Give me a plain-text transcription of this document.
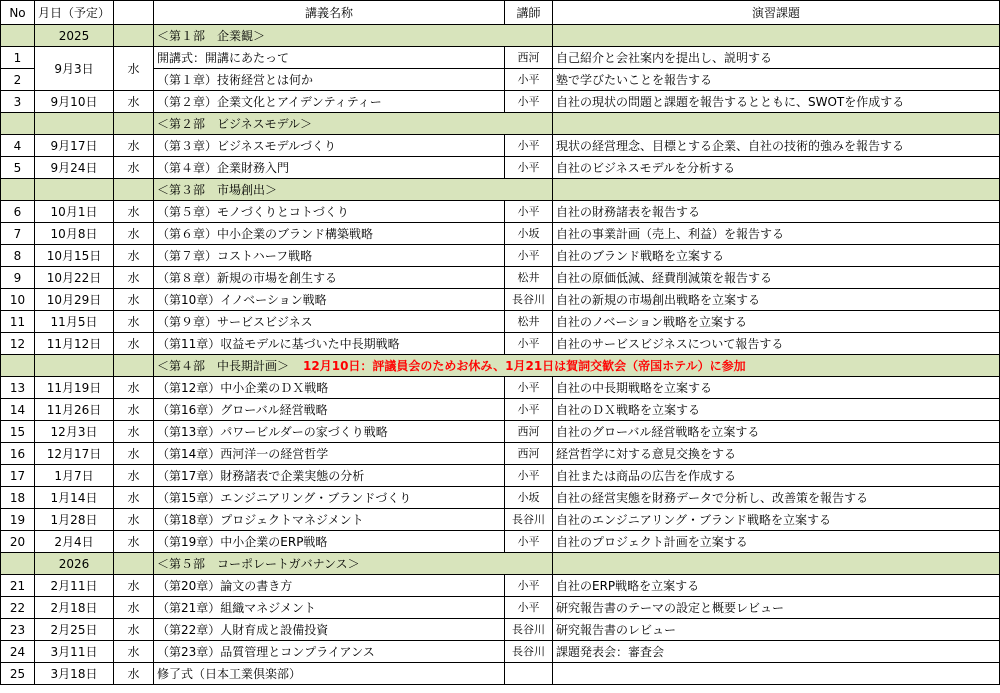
No	月日（予定）		講義名称	講師	演習課題
	2025		＜第１部　企業観＞		
1	9月3日	水	開講式：開講にあたって	西河	自己紹介と会社案内を提出し、説明する
2			（第１章）技術経営とは何か	小平	塾で学びたいことを報告する
3	9月10日	水	（第２章）企業文化とアイデンティティー	小平	自社の現状の問題と課題を報告するとともに、SWOTを作成する
			＜第２部　ビジネスモデル＞		
4	9月17日	水	（第３章）ビジネスモデルづくり	小平	現状の経営理念、目標とする企業、自社の技術的強みを報告する
5	9月24日	水	（第４章）企業財務入門	小平	自社のビジネスモデルを分析する
			＜第３部　市場創出＞		
6	10月1日	水	（第５章）モノづくりとコトづくり	小平	自社の財務諸表を報告する
7	10月8日	水	（第６章）中小企業のブランド構築戦略	小坂	自社の事業計画（売上、利益）を報告する
8	10月15日	水	（第７章）コストハーフ戦略	小平	自社のブランド戦略を立案する
9	10月22日	水	（第８章）新規の市場を創生する	松井	自社の原価低減、経費削減策を報告する
10	10月29日	水	（第10章）イノベーション戦略	長谷川	自社の新規の市場創出戦略を立案する
11	11月5日	水	（第９章）サービスビジネス	松井	自社のノベーション戦略を立案する
12	11月12日	水	（第11章）収益モデルに基づいた中長期戦略	小平	自社のサービスビジネスについて報告する
			＜第４部　中長期計画＞ 12月10日：評議員会のためお休み、1月21日は賀詞交歓会（帝国ホテル）に参加		
13	11月19日	水	（第12章）中小企業のＤＸ戦略	小平	自社の中長期戦略を立案する
14	11月26日	水	（第16章）グローバル経営戦略	小平	自社のＤＸ戦略を立案する
15	12月3日	水	（第13章）パワービルダーの家づくり戦略	西河	自社のグローバル経営戦略を立案する
16	12月17日	水	（第14章）西河洋一の経営哲学	西河	経営哲学に対する意見交換をする
17	1月7日	水	（第17章）財務諸表で企業実態の分析	小平	自社または商品の広告を作成する
18	1月14日	水	（第15章）エンジニアリング・ブランドづくり	小坂	自社の経営実態を財務データで分析し、改善策を報告する
19	1月28日	水	（第18章）プロジェクトマネジメント	長谷川	自社のエンジニアリング・ブランド戦略を立案する
20	2月4日	水	（第19章）中小企業のERP戦略	小平	自社のプロジェクト計画を立案する
	2026		＜第５部　コーポレートガバナンス＞		
21	2月11日	水	（第20章）論文の書き方	小平	自社のERP戦略を立案する
22	2月18日	水	（第21章）組織マネジメント	小平	研究報告書のテーマの設定と概要レビュー
23	2月25日	水	（第22章）人財育成と設備投資	長谷川	研究報告書のレビュー
24	3月11日	水	（第23章）品質管理とコンプライアンス	長谷川	課題発表会：審査会
25	3月18日	水	修了式（日本工業倶楽部）		
